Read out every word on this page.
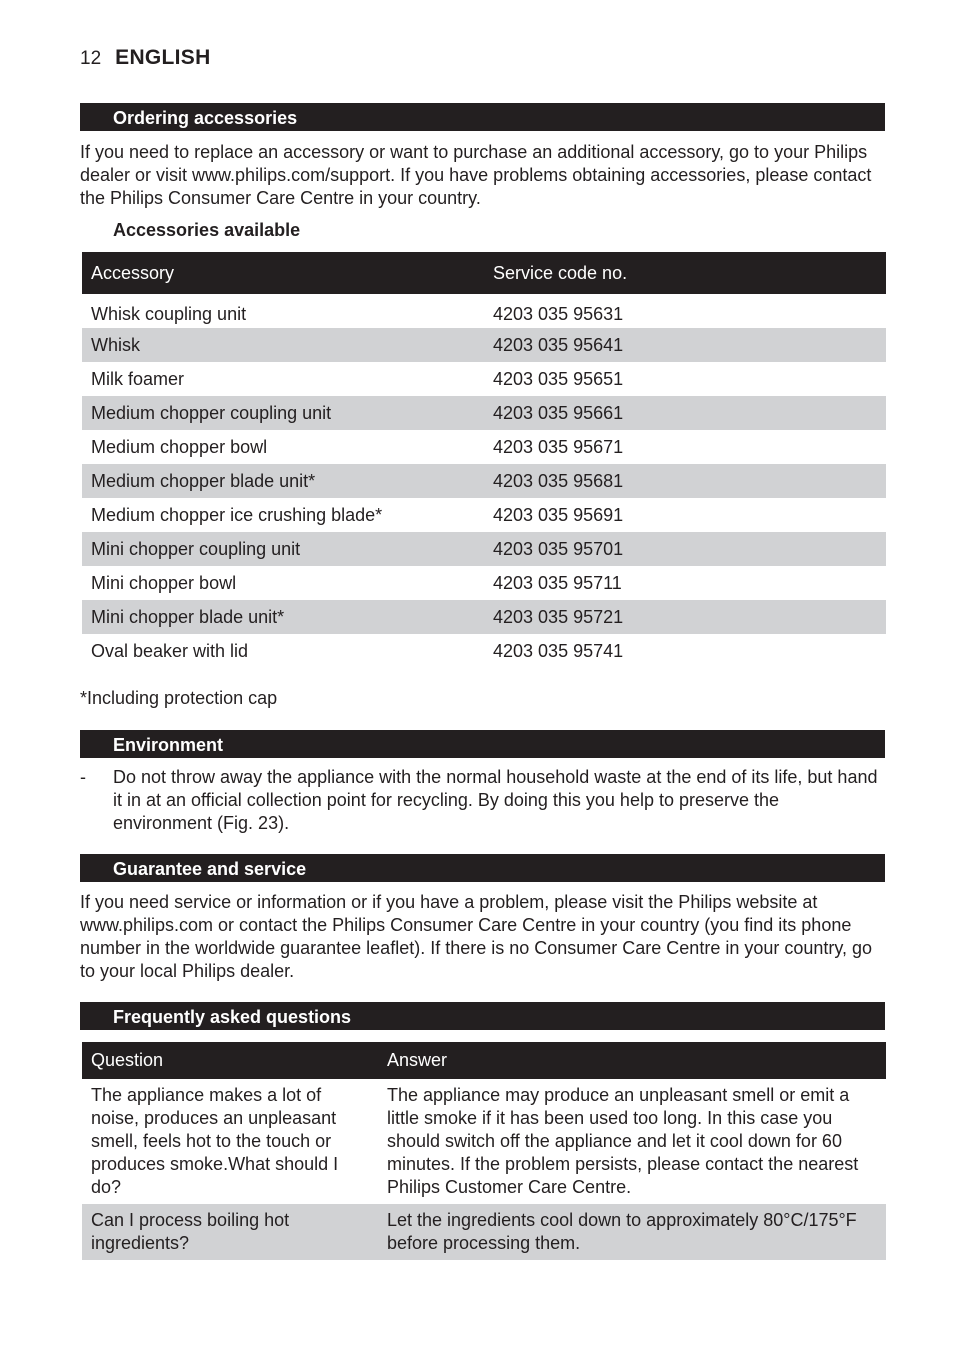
12 ENGLISH
Ordering accessories
If you need to replace an accessory or want to purchase an additional accessory, go to your Philips dealer or visit www.philips.com/support. If you have problems obtaining accessories, please contact the Philips Consumer Care Centre in your country.
Accessories available
Accessory	Service code no.
Whisk coupling unit	4203 035 95631
Whisk	4203 035 95641
Milk foamer	4203 035 95651
Medium chopper coupling unit	4203 035 95661
Medium chopper bowl	4203 035 95671
Medium chopper blade unit*	4203 035 95681
Medium chopper ice crushing blade*	4203 035 95691
Mini chopper coupling unit	4203 035 95701
Mini chopper bowl	4203 035 95711
Mini chopper blade unit*	4203 035 95721
Oval beaker with lid	4203 035 95741
*Including protection cap
Environment
- Do not throw away the appliance with the normal household waste at the end of its life, but hand it in at an official collection point for recycling. By doing this you help to preserve the environment (Fig. 23).
Guarantee and service
If you need service or information or if you have a problem, please visit the Philips website at www.philips.com or contact the Philips Consumer Care Centre in your country (you find its phone number in the worldwide guarantee leaflet). If there is no Consumer Care Centre in your country, go to your local Philips dealer.
Frequently asked questions
Question	Answer
The appliance makes a lot of noise, produces an unpleasant smell, feels hot to the touch or produces smoke.What should I do?	The appliance may produce an unpleasant smell or emit a little smoke if it has been used too long. In this case you should switch off the appliance and let it cool down for 60 minutes. If the problem persists, please contact the nearest Philips Customer Care Centre.
Can I process boiling hot ingredients?	Let the ingredients cool down to approximately 80°C/175°F before processing them.
